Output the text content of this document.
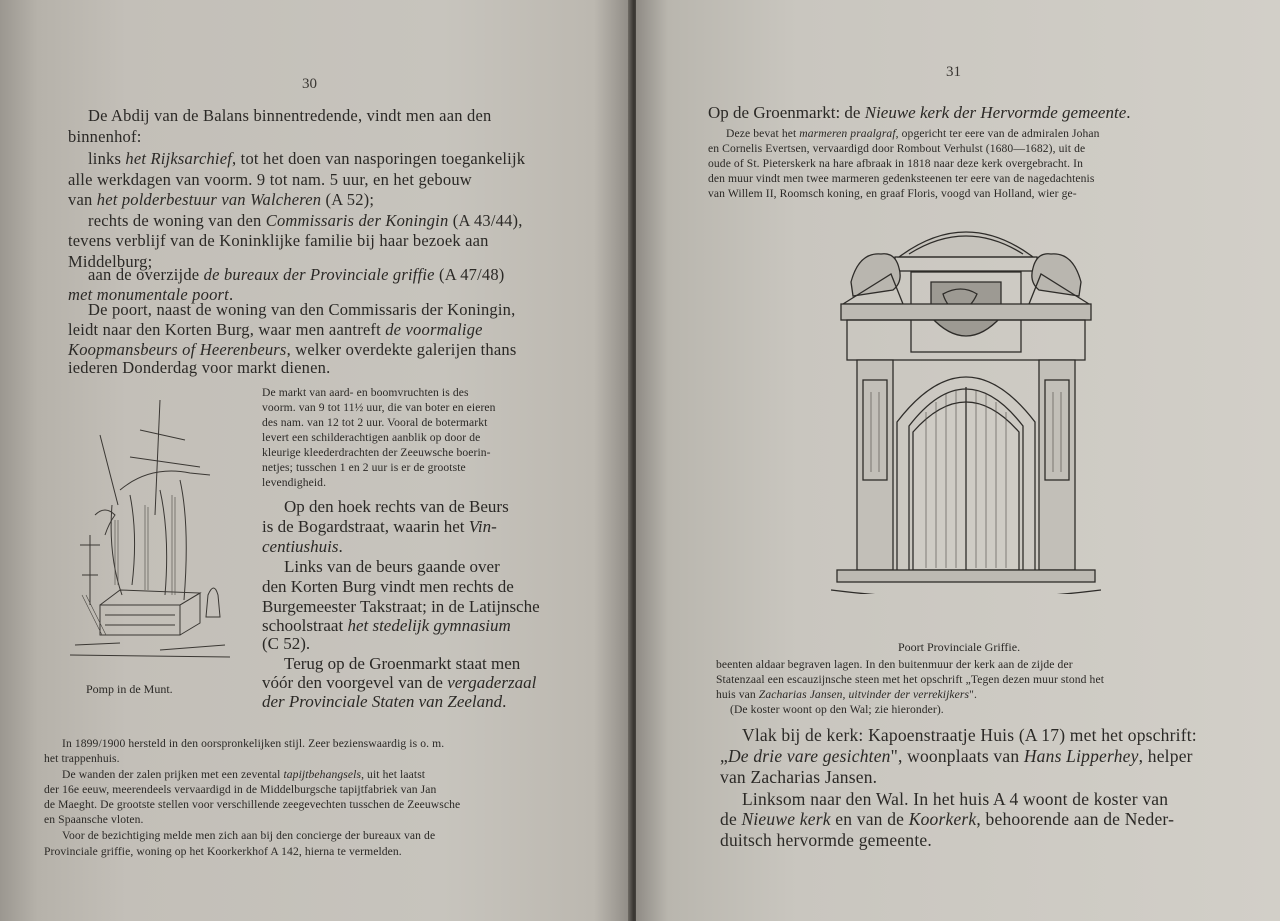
30
De Abdij van de Balans binnentredende, vindt men aan den
binnenhof:
links het Rijksarchief, tot het doen van nasporingen toegankelijk
alle werkdagen van voorm. 9 tot nam. 5 uur, en het gebouw
van het polderbestuur van Walcheren (A 52);
rechts de woning van den Commissaris der Koningin (A 43/44),
tevens verblijf van de Koninklijke familie bij haar bezoek aan
Middelburg;
aan de overzijde de bureaux der Provinciale griffie (A 47/48)
met monumentale poort.
De poort, naast de woning van den Commissaris der Koningin,
leidt naar den Korten Burg, waar men aantreft de voormalige
Koopmansbeurs of Heerenbeurs, welker overdekte galerijen thans
iederen Donderdag voor markt dienen.
De markt van aard- en boomvruchten is des
voorm. van 9 tot 11½ uur, die van boter en eieren
des nam. van 12 tot 2 uur. Vooral de botermarkt
levert een schilderachtigen aanblik op door de
kleurige kleederdrachten der Zeeuwsche boerin-
netjes; tusschen 1 en 2 uur is er de grootste
levendigheid.
Op den hoek rechts van de Beurs
is de Bogardstraat, waarin het Vin-
centiushuis.
Links van de beurs gaande over
den Korten Burg vindt men rechts de
Burgemeester Takstraat; in de Latijnsche
schoolstraat het stedelijk gymnasium
(C 52).
Terug op de Groenmarkt staat men
vóór den voorgevel van de vergaderzaal
der Provinciale Staten van Zeeland.
Pomp in de Munt.
In 1899/1900 hersteld in den oorspronkelijken stijl. Zeer bezienswaardig is o. m.
het trappenhuis.
De wanden der zalen prijken met een zevental tapijtbehangsels, uit het laatst
der 16e eeuw, meerendeels vervaardigd in de Middelburgsche tapijtfabriek van Jan
de Maeght. De grootste stellen voor verschillende zeegevechten tusschen de Zeeuwsche
en Spaansche vloten.
Voor de bezichtiging melde men zich aan bij den concierge der bureaux van de
Provinciale griffie, woning op het Koorkerkhof A 142, hierna te vermelden.
31
Op de Groenmarkt: de Nieuwe kerk der Hervormde gemeente.
Deze bevat het marmeren praalgraf, opgericht ter eere van de admiralen Johan
en Cornelis Evertsen, vervaardigd door Rombout Verhulst (1680—1682), uit de
oude of St. Pieterskerk na hare afbraak in 1818 naar deze kerk overgebracht. In
den muur vindt men twee marmeren gedenksteenen ter eere van de nagedachtenis
van Willem II, Roomsch koning, en graaf Floris, voogd van Holland, wier ge-
Poort Provinciale Griffie.
beenten aldaar begraven lagen. In den buitenmuur der kerk aan de zijde der
Statenzaal een escauzijnsche steen met het opschrift „Tegen dezen muur stond het
huis van Zacharias Jansen, uitvinder der verrekijkers".
(De koster woont op den Wal; zie hieronder).
Vlak bij de kerk: Kapoenstraatje Huis (A 17) met het opschrift:
„De drie vare gesichten", woonplaats van Hans Lipperhey, helper
van Zacharias Jansen.
Linksom naar den Wal. In het huis A 4 woont de koster van
de Nieuwe kerk en van de Koorkerk, behoorende aan de Neder-
duitsch hervormde gemeente.
